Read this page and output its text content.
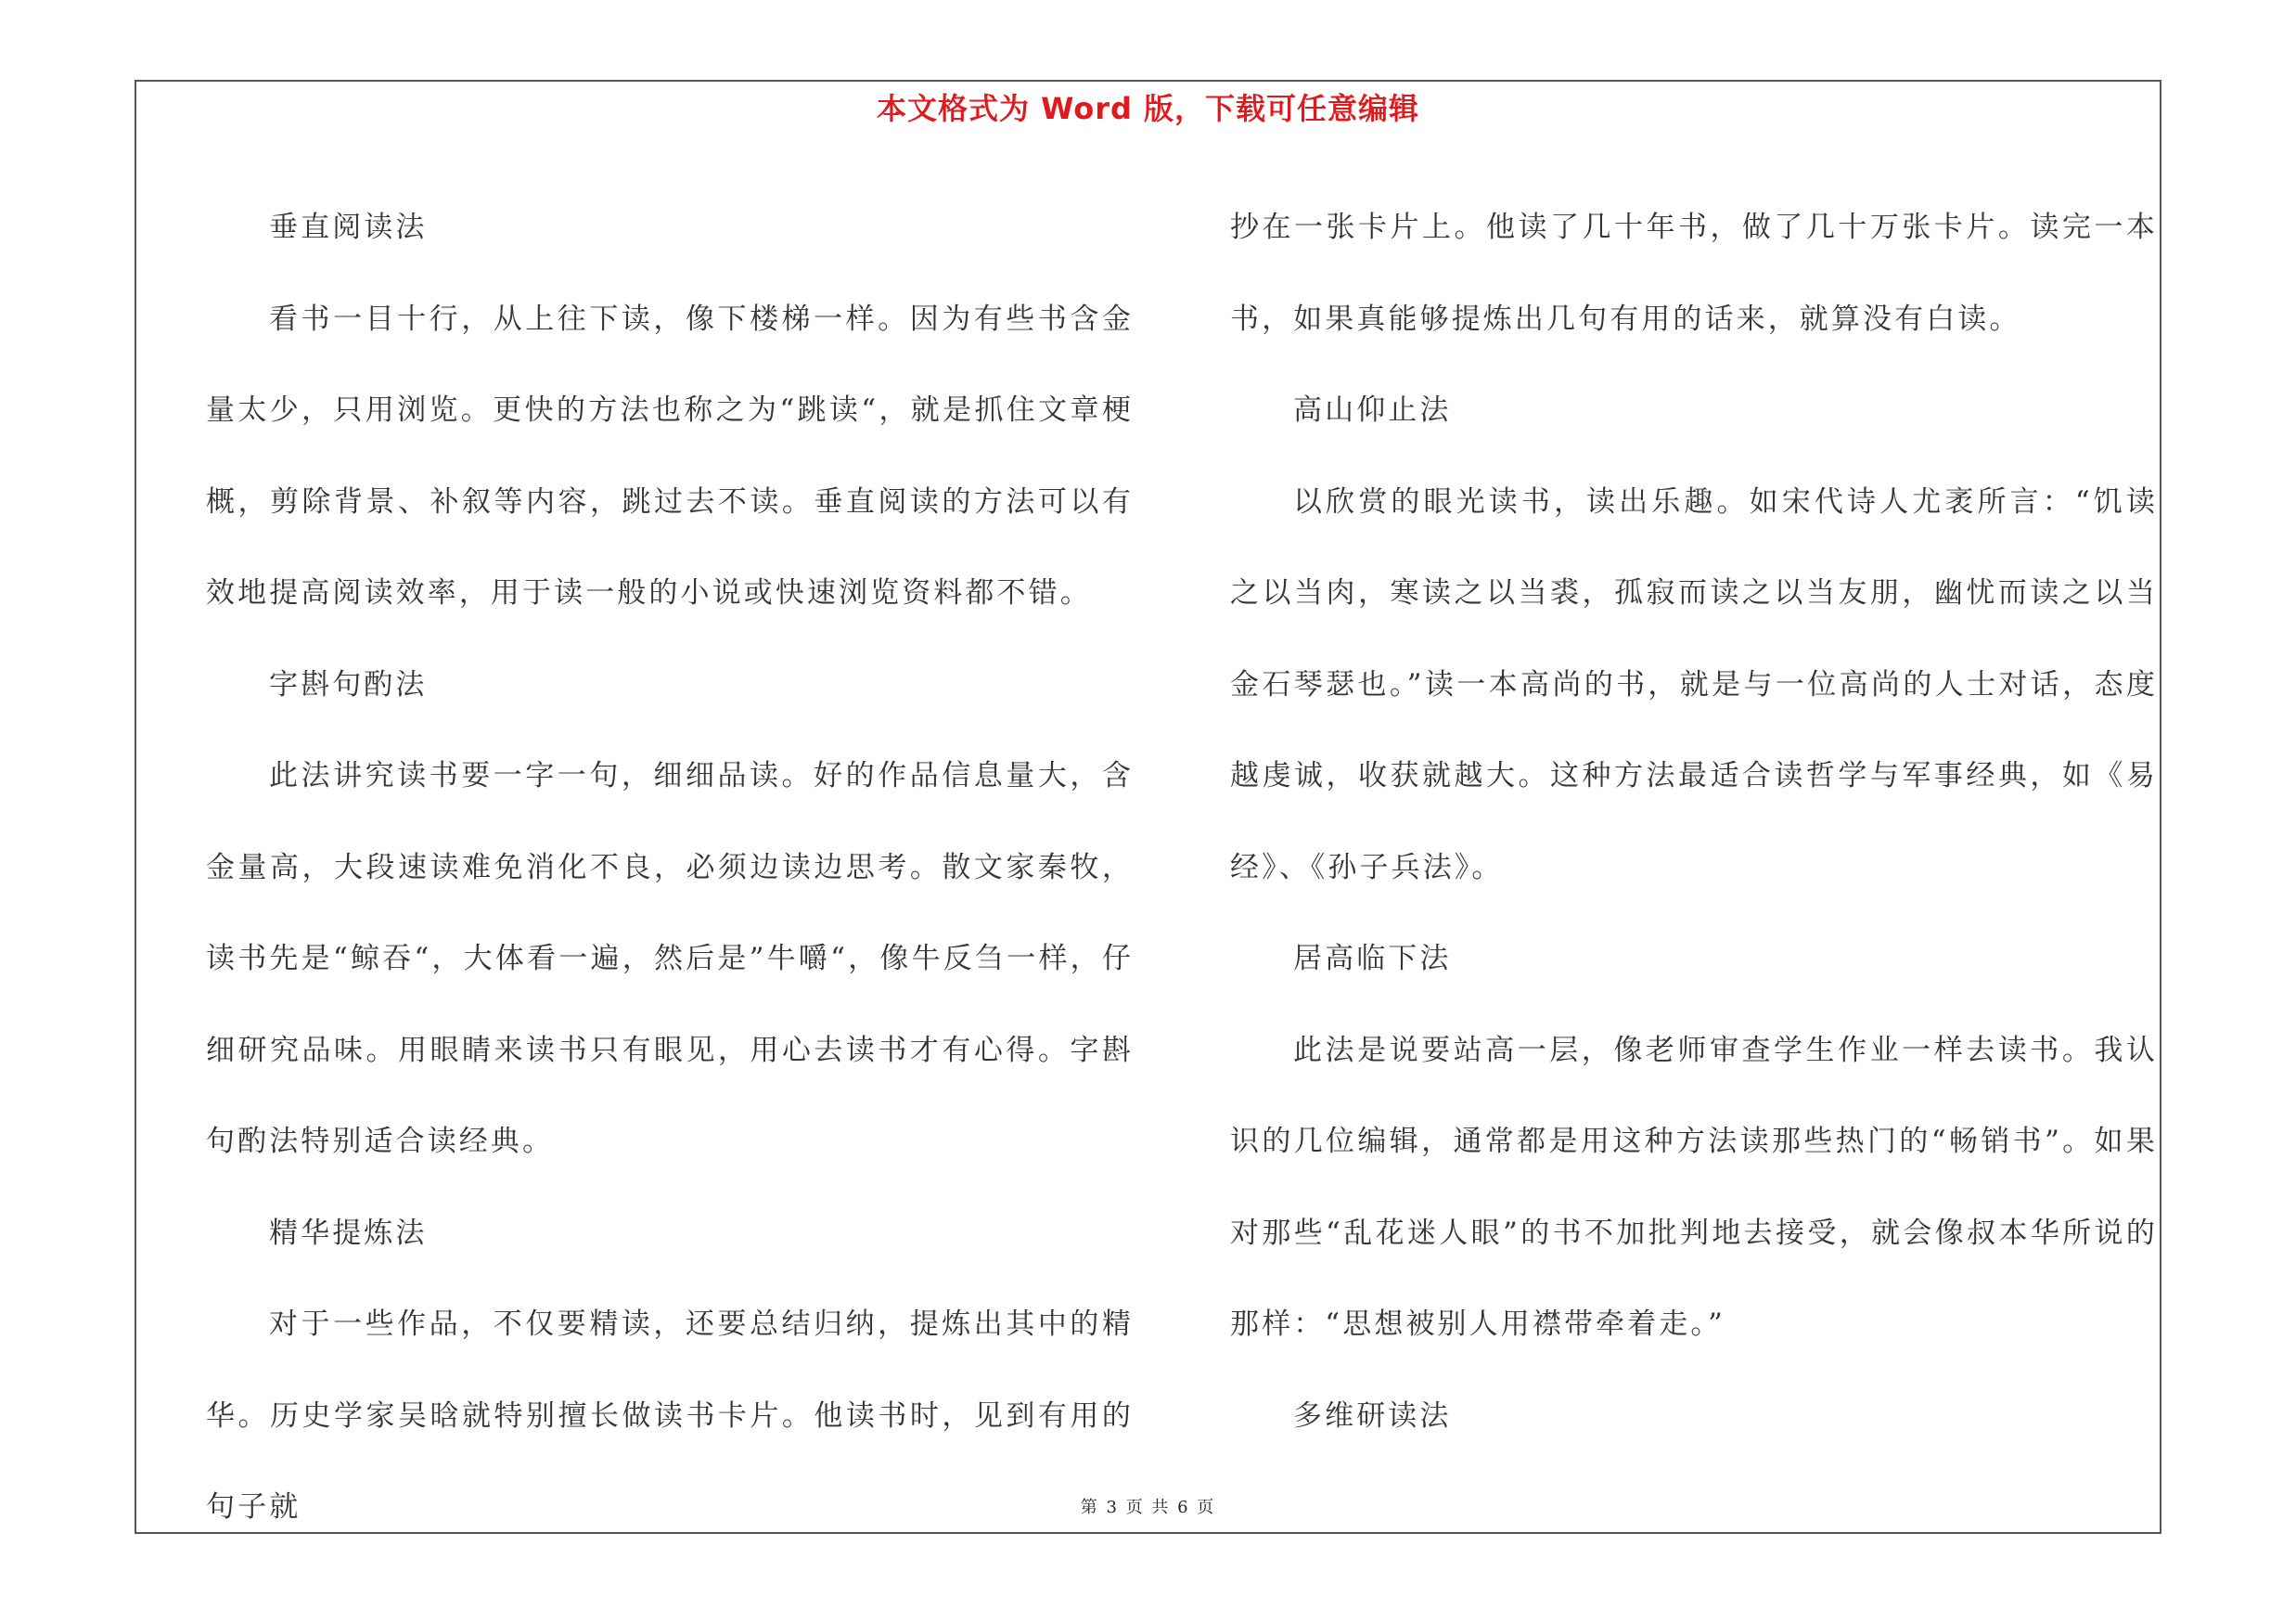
本文格式为 Word 版，下载可任意编辑

垂直阅读法

看书一目十行，从上往下读，像下楼梯一样。因为有些书含金量太少，只用浏览。更快的方法也称之为“跳读“，就是抓住文章梗概，剪除背景、补叙等内容，跳过去不读。垂直阅读的方法可以有效地提高阅读效率，用于读一般的小说或快速浏览资料都不错。

字斟句酌法

此法讲究读书要一字一句，细细品读。好的作品信息量大，含金量高，大段速读难免消化不良，必须边读边思考。散文家秦牧，读书先是“鲸吞“，大体看一遍，然后是”牛嚼“，像牛反刍一样，仔细研究品味。用眼睛来读书只有眼见，用心去读书才有心得。字斟句酌法特别适合读经典。

精华提炼法

对于一些作品，不仅要精读，还要总结归纳，提炼出其中的精华。历史学家吴晗就特别擅长做读书卡片。他读书时，见到有用的句子就

抄在一张卡片上。他读了几十年书，做了几十万张卡片。读完一本书，如果真能够提炼出几句有用的话来，就算没有白读。

高山仰止法

以欣赏的眼光读书，读出乐趣。如宋代诗人尤袤所言：“饥读之以当肉，寒读之以当裘，孤寂而读之以当友朋，幽忧而读之以当金石琴瑟也。”读一本高尚的书，就是与一位高尚的人士对话，态度越虔诚，收获就越大。这种方法最适合读哲学与军事经典，如《易经》、《孙子兵法》。

居高临下法

此法是说要站高一层，像老师审查学生作业一样去读书。我认识的几位编辑，通常都是用这种方法读那些热门的“畅销书”。如果对那些“乱花迷人眼”的书不加批判地去接受，就会像叔本华所说的那样：“思想被别人用襟带牵着走。”

多维研读法

第 3 页 共 6 页
